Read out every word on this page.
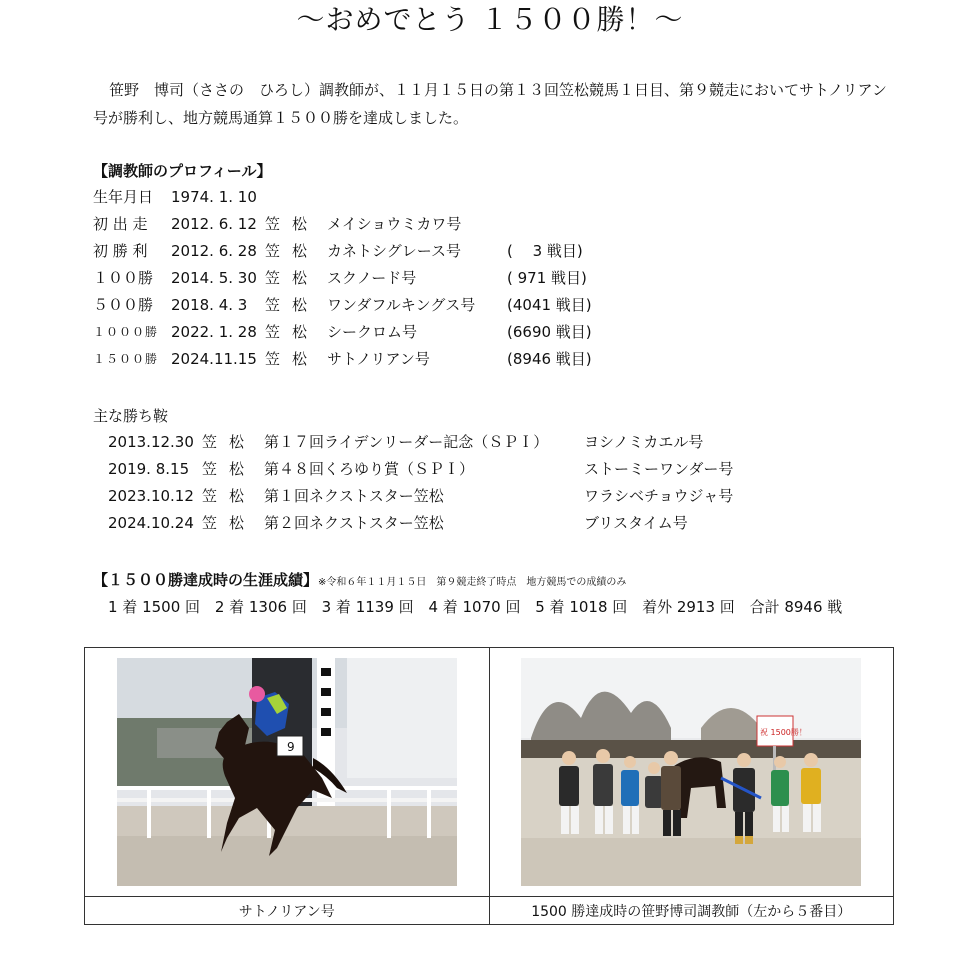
～おめでとう １５００勝！～

笹野　博司（ささの　ひろし）調教師が、１１月１５日の第１３回笠松競馬１日目、第９競走においてサトノリアン号が勝利し、地方競馬通算１５００勝を達成しました。

【調教師のプロフィール】
生年月日 1974. 1. 10
初 出 走 2012. 6. 12 笠松 メイショウミカワ号
初 勝 利 2012. 6. 28 笠松 カネトシグレース号	(　 3 戦目)
１００勝 2014. 5. 30 笠松 スクノード号	( 971 戦目)
５００勝 2018. 4. 3 笠松 ワンダフルキングス号 (4041 戦目)
１０００勝 2022. 1. 28 笠松 シークロム号	(6690 戦目)
１５００勝 2024.11.15 笠松 サトノリアン号	(8946 戦目)
主な勝ち鞍
2013.12.30 笠松 第１７回ライデンリーダー記念（ＳＰＩ） ヨシノミカエル号
2019. 8.15 笠松 第４８回くろゆり賞（ＳＰＩ）	ストーミーワンダー号
2023.10.12 笠松 第１回ネクストスター笠松	ワラシベチョウジャ号
2024.10.24 笠松 第２回ネクストスター笠松	ブリスタイム号
【１５００勝達成時の生涯成績】※令和６年１１月１５日　第９競走終了時点　地方競馬での成績のみ
1 着 1500 回 2 着 1306 回 3 着 1139 回 4 着 1070 回 5 着 1018 回 着外 2913 回 合計 8946 戦
9	祝 1500勝！

サトノリアン号	1500 勝達成時の笹野博司調教師（左から５番目）
